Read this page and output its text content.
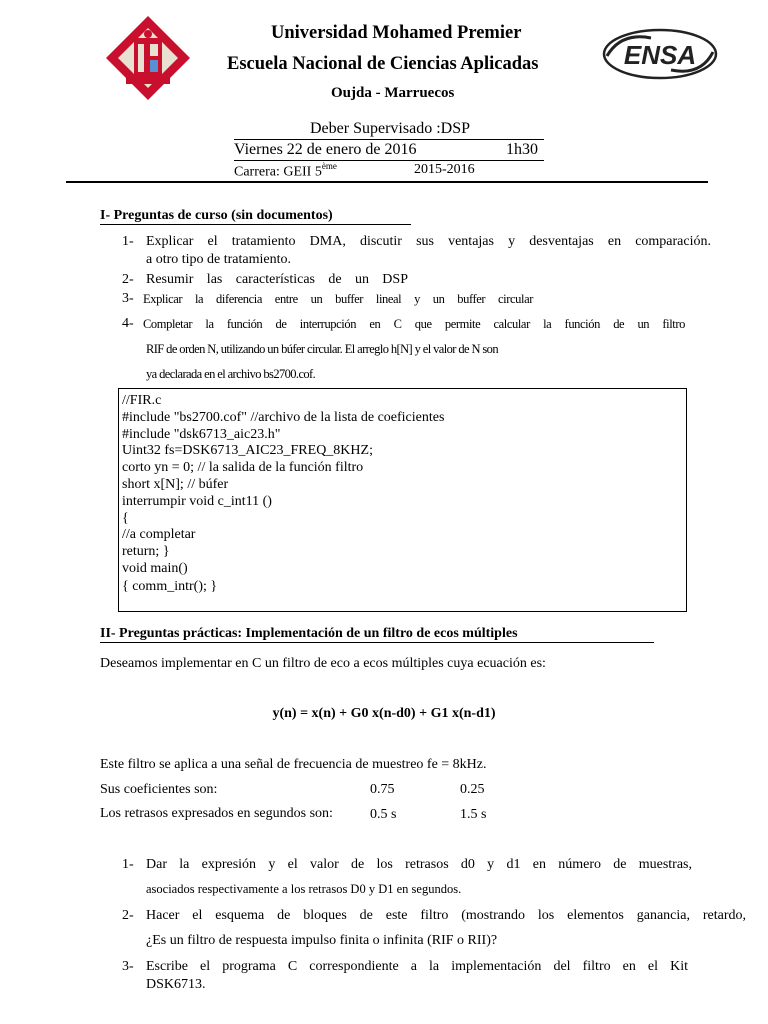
ENSA
Universidad Mohamed Premier
Escuela Nacional de Ciencias Aplicadas
Oujda - Marruecos
Deber Supervisado :DSP
Viernes 22 de enero de 2016	1h30
Carrera: GEII 5ème	2015-2016
I- Preguntas de curso (sin documentos)
1- Explicar el tratamiento DMA, discutir sus ventajas y desventajas en comparación.
a otro tipo de tratamiento.
2- Resumir las características de un DSP
3- Explicar la diferencia entre un buffer lineal y un buffer circular
4- Completar la función de interrupción en C que permite calcular la función de un filtro
RIF de orden N, utilizando un búfer circular. El arreglo h[N] y el valor de N son
ya declarada en el archivo bs2700.cof.
//FIR.c
#include "bs2700.cof" //archivo de la lista de coeficientes
#include "dsk6713_aic23.h"
Uint32 fs=DSK6713_AIC23_FREQ_8KHZ;
corto yn = 0; // la salida de la función filtro
short x[N]; // búfer
interrumpir void c_int11 ()
{
//a completar
return; }
void main()
{ comm_intr(); }
II- Preguntas prácticas: Implementación de un filtro de ecos múltiples
Deseamos implementar en C un filtro de eco a ecos múltiples cuya ecuación es:
y(n) = x(n) + G0 x(n-d0) + G1 x(n-d1)
Este filtro se aplica a una señal de frecuencia de muestreo fe = 8kHz.
Sus coeficientes son:	0.75	0.25
Los retrasos expresados en segundos son:	0.5 s	1.5 s
1- Dar la expresión y el valor de los retrasos d0 y d1 en número de muestras,
asociados respectivamente a los retrasos D0 y D1 en segundos.
2- Hacer el esquema de bloques de este filtro (mostrando los elementos ganancia, retardo,
¿Es un filtro de respuesta impulso finita o infinita (RIF o RII)?
3- Escribe el programa C correspondiente a la implementación del filtro en el Kit
DSK6713.
